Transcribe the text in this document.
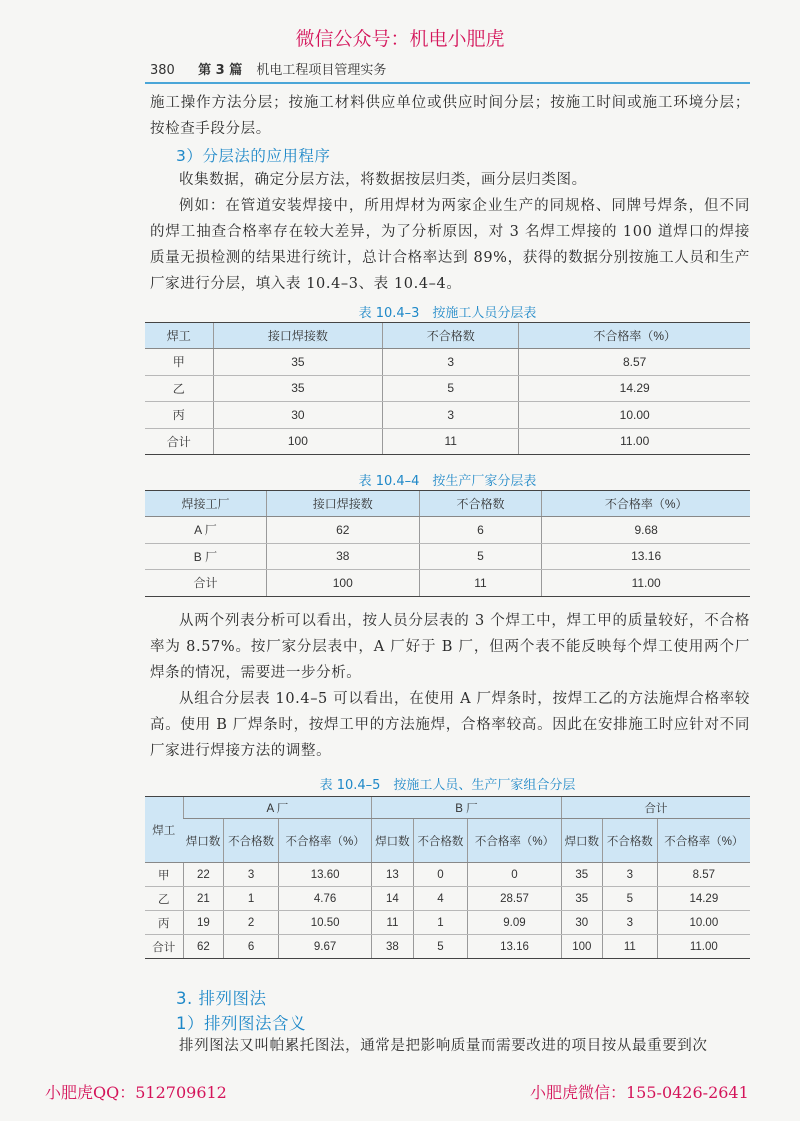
微信公众号：机电小肥虎
380 第 3 篇 机电工程项目管理实务

施工操作方法分层；按施工材料供应单位或供应时间分层；按施工时间或施工环境分层；按检查手段分层。

3）分层法的应用程序

收集数据，确定分层方法，将数据按层归类，画分层归类图。

例如：在管道安装焊接中，所用焊材为两家企业生产的同规格、同牌号焊条，但不同的焊工抽查合格率存在较大差异，为了分析原因，对 3 名焊工焊接的 100 道焊口的焊接质量无损检测的结果进行统计，总计合格率达到 89%，获得的数据分别按施工人员和生产厂家进行分层，填入表 10.4–3、表 10.4–4。

表 10.4–3　按施工人员分层表
焊工	接口焊接数	不合格数	不合格率（%）
甲	35	3	8.57
乙	35	5	14.29
丙	30	3	10.00
合计	100	11	11.00
表 10.4–4　按生产厂家分层表
焊接工厂	接口焊接数	不合格数	不合格率（%）
A 厂	62	6	9.68
B 厂	38	5	13.16
合计	100	11	11.00

从两个列表分析可以看出，按人员分层表的 3 个焊工中，焊工甲的质量较好，不合格率为 8.57%。按厂家分层表中，A 厂好于 B 厂，但两个表不能反映每个焊工使用两个厂焊条的情况，需要进一步分析。

从组合分层表 10.4–5 可以看出，在使用 A 厂焊条时，按焊工乙的方法施焊合格率较高。使用 B 厂焊条时，按焊工甲的方法施焊，合格率较高。因此在安排施工时应针对不同厂家进行焊接方法的调整。

表 10.4–5　按施工人员、生产厂家组合分层
焊工	A 厂			B 厂			合计		
	焊口数	不合格数	不合格率（%）	焊口数	不合格数	不合格率（%）	焊口数	不合格数	不合格率（%）
甲	22	3	13.60	13	0	0	35	3	8.57
乙	21	1	4.76	14	4	28.57	35	5	14.29
丙	19	2	10.50	11	1	9.09	30	3	10.00
合计	62	6	9.67	38	5	13.16	100	11	11.00
3. 排列图法
1）排列图法含义

排列图法又叫帕累托图法，通常是把影响质量而需要改进的项目按从最重要到次

小肥虎QQ：512709612	小肥虎微信：155-0426-2641
